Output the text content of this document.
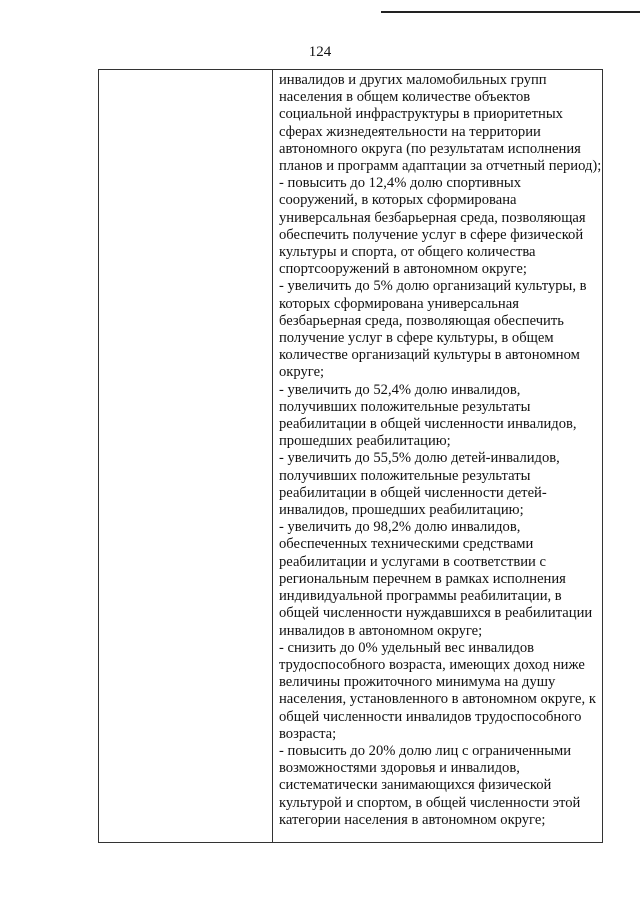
124
инвалидов и других маломобильных групп
населения в общем количестве объектов
социальной инфраструктуры в приоритетных
сферах жизнедеятельности на территории
автономного округа (по результатам исполнения
планов и программ адаптации за отчетный период);
- повысить до 12,4% долю спортивных
сооружений, в которых сформирована
универсальная безбарьерная среда, позволяющая
обеспечить получение услуг в сфере физической
культуры и спорта, от общего количества
спортсооружений в автономном округе;
- увеличить до 5% долю организаций культуры, в
которых сформирована универсальная
безбарьерная среда, позволяющая обеспечить
получение услуг в сфере культуры, в общем
количестве организаций культуры в автономном
округе;
- увеличить до 52,4% долю инвалидов,
получивших положительные результаты
реабилитации в общей численности инвалидов,
прошедших реабилитацию;
- увеличить до 55,5% долю детей-инвалидов,
получивших положительные результаты
реабилитации в общей численности детей-
инвалидов, прошедших реабилитацию;
- увеличить до 98,2% долю инвалидов,
обеспеченных техническими средствами
реабилитации и услугами в соответствии с
региональным перечнем в рамках исполнения
индивидуальной программы реабилитации, в
общей численности нуждавшихся в реабилитации
инвалидов в автономном округе;
- снизить до 0% удельный вес инвалидов
трудоспособного возраста, имеющих доход ниже
величины прожиточного минимума на душу
населения, установленного в автономном округе, к
общей численности инвалидов трудоспособного
возраста;
- повысить до 20% долю лиц с ограниченными
возможностями здоровья и инвалидов,
систематически занимающихся физической
культурой и спортом, в общей численности этой
категории населения в автономном округе;
